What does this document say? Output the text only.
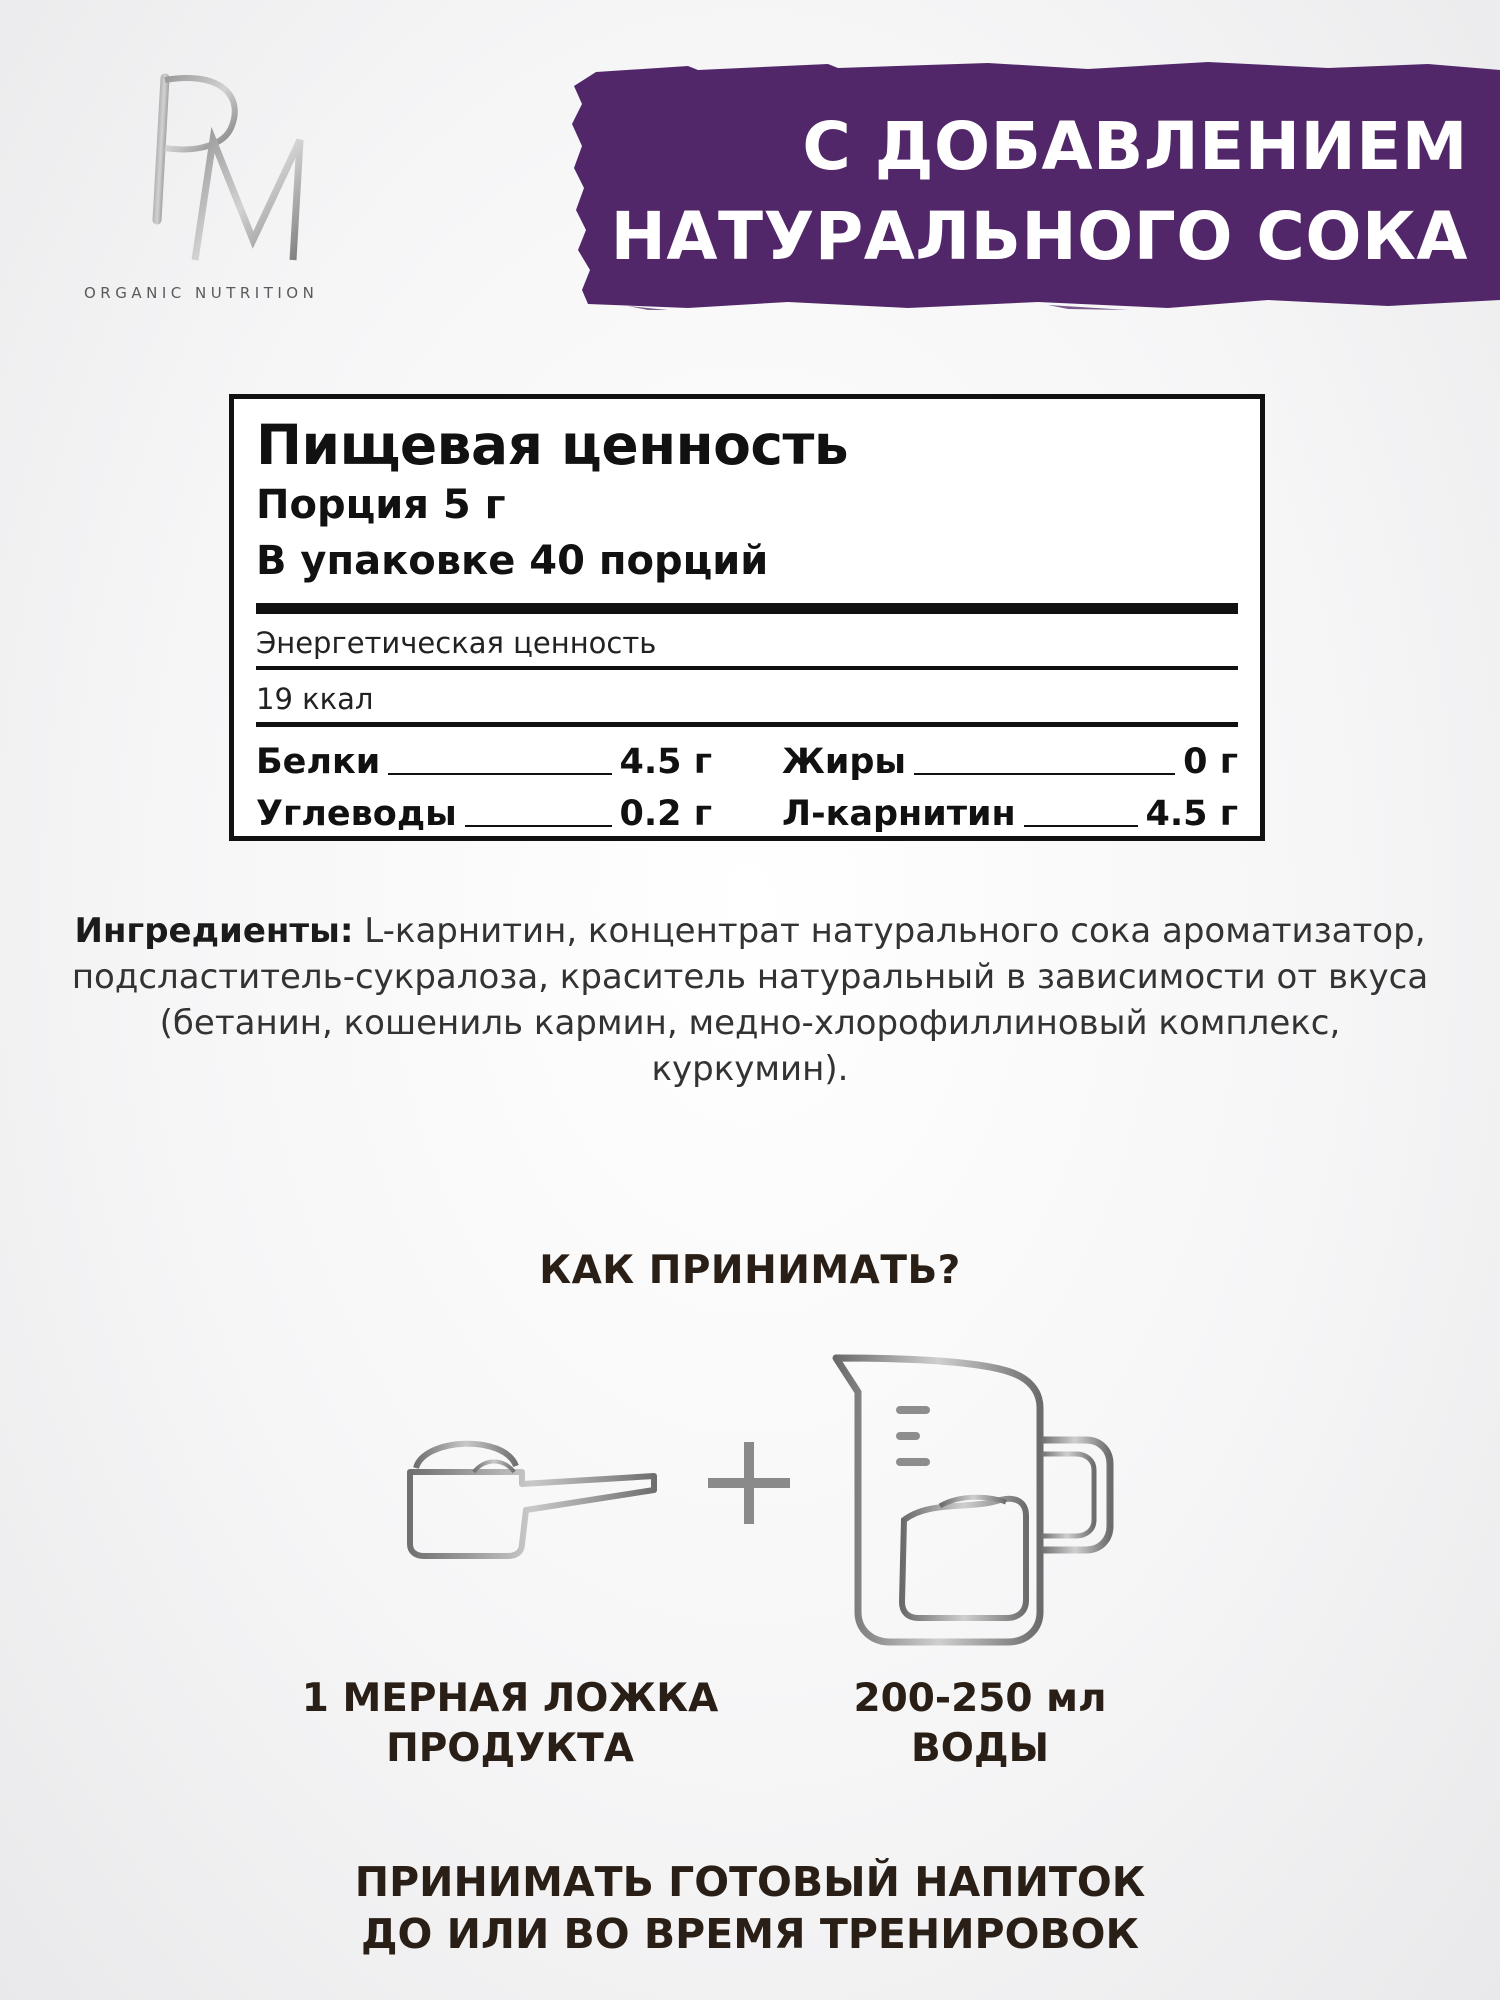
ORGANIC NUTRITION
С ДОБАВЛЕНИЕМ
НАТУРАЛЬНОГО СОКА
Пищевая ценность
Порция 5 г
В упаковке 40 порций
Энергетическая ценность
19 ккал
Белки	4.5 г Жиры	0 г
Углеводы	0.2 г Л-карнитин	4.5 г
Ингредиенты: L-карнитин, концентрат натурального сока ароматизатор, подсластитель-сукралоза, краситель натуральный в зависимости от вкуса (бетанин, кошениль кармин, медно-хлорофиллиновый комплекс, куркумин).
КАК ПРИНИМАТЬ?
1 МЕРНАЯ ЛОЖКА
ПРОДУКТА
200-250 мл
ВОДЫ
ПРИНИМАТЬ ГОТОВЫЙ НАПИТОК
ДО ИЛИ ВО ВРЕМЯ ТРЕНИРОВОК
